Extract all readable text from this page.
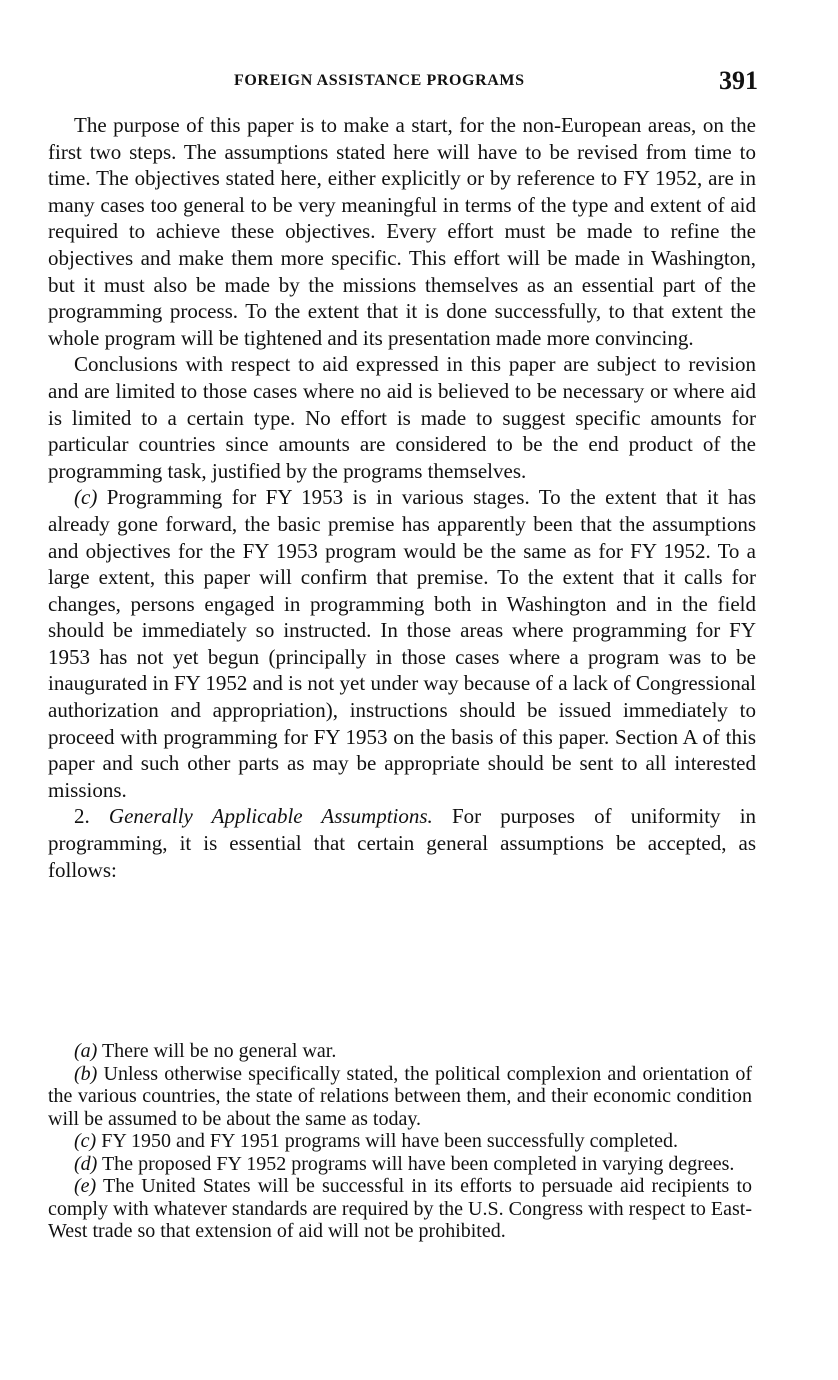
FOREIGN ASSISTANCE PROGRAMS	391

The purpose of this paper is to make a start, for the non-European areas, on the first two steps. The assumptions stated here will have to be revised from time to time. The objectives stated here, either explicitly or by reference to FY 1952, are in many cases too general to be very meaningful in terms of the type and extent of aid required to achieve these objectives. Every effort must be made to refine the objectives and make them more specific. This effort will be made in Washington, but it must also be made by the missions themselves as an essential part of the programming process. To the extent that it is done successfully, to that extent the whole program will be tightened and its presentation made more convincing.

Conclusions with respect to aid expressed in this paper are subject to revision and are limited to those cases where no aid is believed to be necessary or where aid is limited to a certain type. No effort is made to suggest specific amounts for particular countries since amounts are considered to be the end product of the programming task, justified by the programs themselves.

(c) Programming for FY 1953 is in various stages. To the extent that it has already gone forward, the basic premise has apparently been that the assumptions and objectives for the FY 1953 program would be the same as for FY 1952. To a large extent, this paper will confirm that premise. To the extent that it calls for changes, persons engaged in programming both in Washington and in the field should be immediately so instructed. In those areas where programming for FY 1953 has not yet begun (principally in those cases where a program was to be inaugurated in FY 1952 and is not yet under way because of a lack of Congressional authorization and appropriation), instructions should be issued immediately to proceed with programming for FY 1953 on the basis of this paper. Section A of this paper and such other parts as may be appropriate should be sent to all interested missions.

2. Generally Applicable Assumptions. For purposes of uniformity in programming, it is essential that certain general assumptions be accepted, as follows:

(a) There will be no general war.

(b) Unless otherwise specifically stated, the political complexion and orientation of the various countries, the state of relations between them, and their economic condition will be assumed to be about the same as today.

(c) FY 1950 and FY 1951 programs will have been successfully completed.

(d) The proposed FY 1952 programs will have been completed in varying degrees.

(e) The United States will be successful in its efforts to persuade aid recipients to comply with whatever standards are required by the U.S. Congress with respect to East-West trade so that extension of aid will not be prohibited.
